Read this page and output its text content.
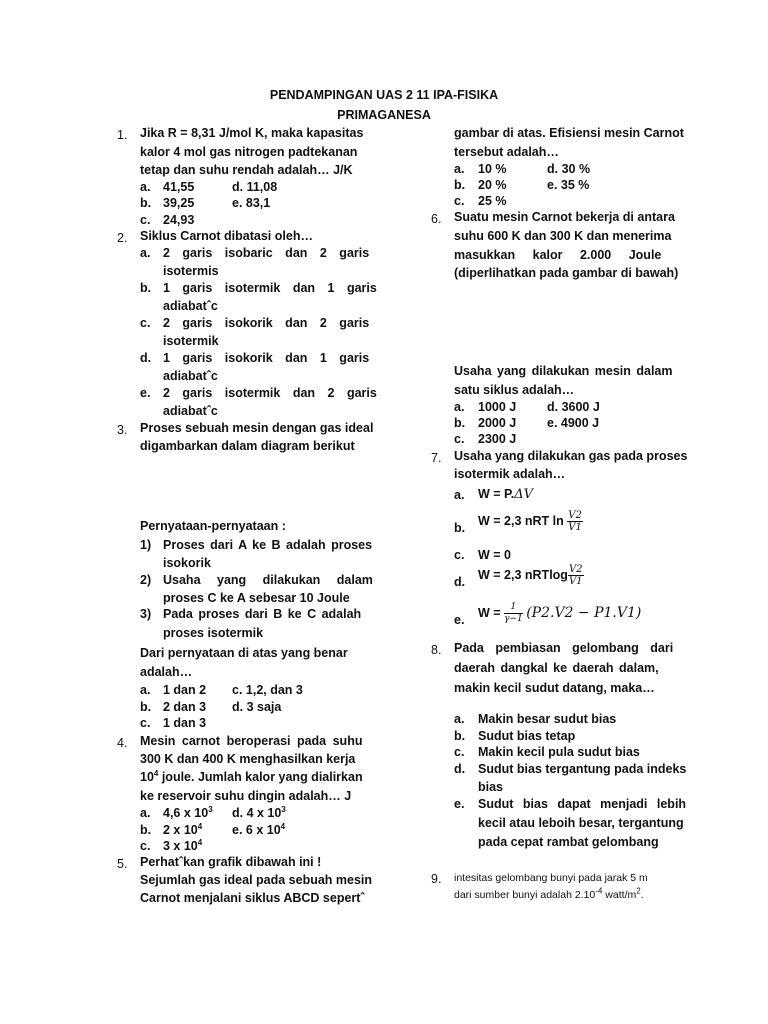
PENDAMPINGAN UAS 2 11 IPA-FISIKA
PRIMAGANESA
1. Jika R = 8,31 J/mol K, maka kapasitas
kalor 4 mol gas nitrogen padtekanan
tetap dan suhu rendah adalah… J/K
a. 41,55	d. 11,08
b. 39,25	e. 83,1
c. 24,93
2. Siklus Carnot dibatasi oleh…
a. 2 garis isobaric dan 2 garis
isotermis
b. 1 garis isotermik dan 1 garis
adiabatˆc
c. 2 garis isokorik dan 2 garis
isotermik
d. 1 garis isokorik dan 1 garis
adiabatˆc
e. 2 garis isotermik dan 2 garis
adiabatˆc
3. Proses sebuah mesin dengan gas ideal
digambarkan dalam diagram berikut
Pernyataan-pernyataan :
1) Proses dari A ke B adalah proses
isokorik
2) Usaha yang dilakukan dalam
proses C ke A sebesar 10 Joule
3) Pada proses dari B ke C adalah
proses isotermik
Dari pernyataan di atas yang benar
adalah…
a. 1 dan 2 c. 1,2, dan 3
b. 2 dan 3 d. 3 saja
c. 1 dan 3
4. Mesin carnot beroperasi pada suhu
300 K dan 400 K menghasilkan kerja
$10^4$ joule. Jumlah kalor yang dialirkan
ke reservoir suhu dingin adalah… J
a. 4,6 x $10^3$ d. 4 x $10^3$
b. 2 x $10^4$ e. 6 x $10^4$
c. 3 x $10^4$
5. Perhatˆkan grafik dibawah ini !
Sejumlah gas ideal pada sebuah mesin
Carnot menjalani siklus ABCD sepertˆ
gambar di atas. Efisiensi mesin Carnot
tersebut adalah…
a. 10 %	d. 30 %
b. 20 %	e. 35 %
c. 25 %
6. Suatu mesin Carnot bekerja di antara
suhu 600 K dan 300 K dan menerima
masukkan kalor 2.000 Joule
(diperlihatkan pada gambar di bawah)
Usaha yang dilakukan mesin dalam
satu siklus adalah…
a. 1000 J d. 3600 J
b. 2000 J e. 4900 J
c. 2300 J
7. Usaha yang dilakukan gas pada proses
isotermik adalah…
a. W = P.ΔV
b. W = 2,3 nRT $\ln \frac{V2}{V1}$
c. W = 0
d. W = 2,3 nRTlog $\frac{V2}{V1}$
e. $W = \frac{1}{\gamma-1} (P2.V2 - P1.V1)$
8. Pada pembiasan gelombang dari
daerah dangkal ke daerah dalam,
makin kecil sudut datang, maka…
a. Makin besar sudut bias
b. Sudut bias tetap
c. Makin kecil pula sudut bias
d. Sudut bias tergantung pada indeks
bias
e. Sudut bias dapat menjadi lebih
kecil atau leboih besar, tergantung
pada cepat rambat gelombang
9. intesitas gelombang bunyi pada jarak 5 m
dari sumber bunyi adalah $2.10^{-4}$ watt/$m^2$.
